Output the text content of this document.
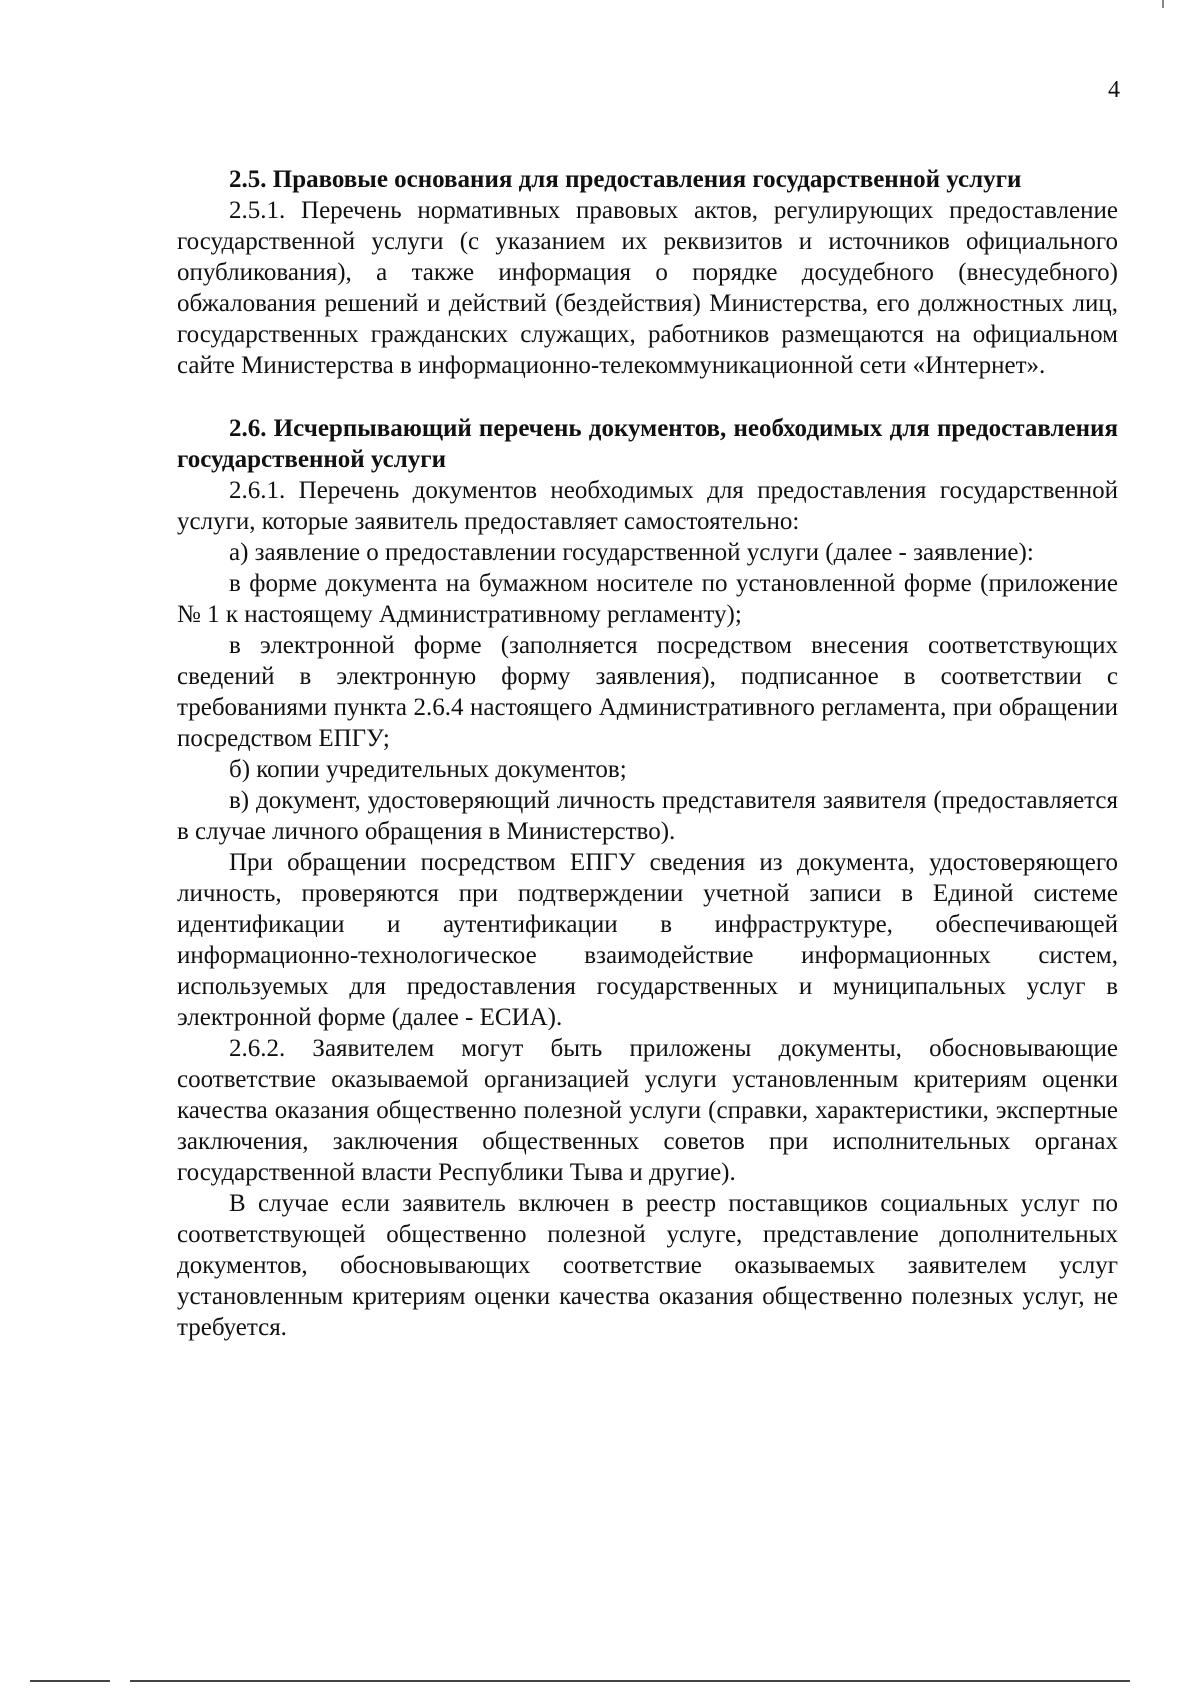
4

2.5. Правовые основания для предоставления государственной услуги

2.5.1. Перечень нормативных правовых актов, регулирующих предоставление государственной услуги (с указанием их реквизитов и источников официального опубликования), а также информация о порядке досудебного (внесудебного) обжалования решений и действий (бездействия) Министерства, его должностных лиц, государственных гражданских служащих, работников размещаются на официальном сайте Министерства в информационно-телекоммуникационной сети «Интернет».

2.6. Исчерпывающий перечень документов, необходимых для предоставления государственной услуги

2.6.1. Перечень документов необходимых для предоставления государственной услуги, которые заявитель предоставляет самостоятельно:

а) заявление о предоставлении государственной услуги (далее - заявление):

в форме документа на бумажном носителе по установленной форме (приложение № 1 к настоящему Административному регламенту);

в электронной форме (заполняется посредством внесения соответствующих сведений в электронную форму заявления), подписанное в соответствии с требованиями пункта 2.6.4 настоящего Административного регламента, при обращении посредством ЕПГУ;

б) копии учредительных документов;

в) документ, удостоверяющий личность представителя заявителя (предоставляется в случае личного обращения в Министерство).

При обращении посредством ЕПГУ сведения из документа, удостоверяющего личность, проверяются при подтверждении учетной записи в Единой системе идентификации и аутентификации в инфраструктуре, обеспечивающей информационно-технологическое взаимодействие информационных систем, используемых для предоставления государственных и муниципальных услуг в электронной форме (далее - ЕСИА).

2.6.2. Заявителем могут быть приложены документы, обосновывающие соответствие оказываемой организацией услуги установленным критериям оценки качества оказания общественно полезной услуги (справки, характеристики, экспертные заключения, заключения общественных советов при исполнительных органах государственной власти Республики Тыва и другие).

В случае если заявитель включен в реестр поставщиков социальных услуг по соответствующей общественно полезной услуге, представление дополнительных документов, обосновывающих соответствие оказываемых заявителем услуг установленным критериям оценки качества оказания общественно полезных услуг, не требуется.
